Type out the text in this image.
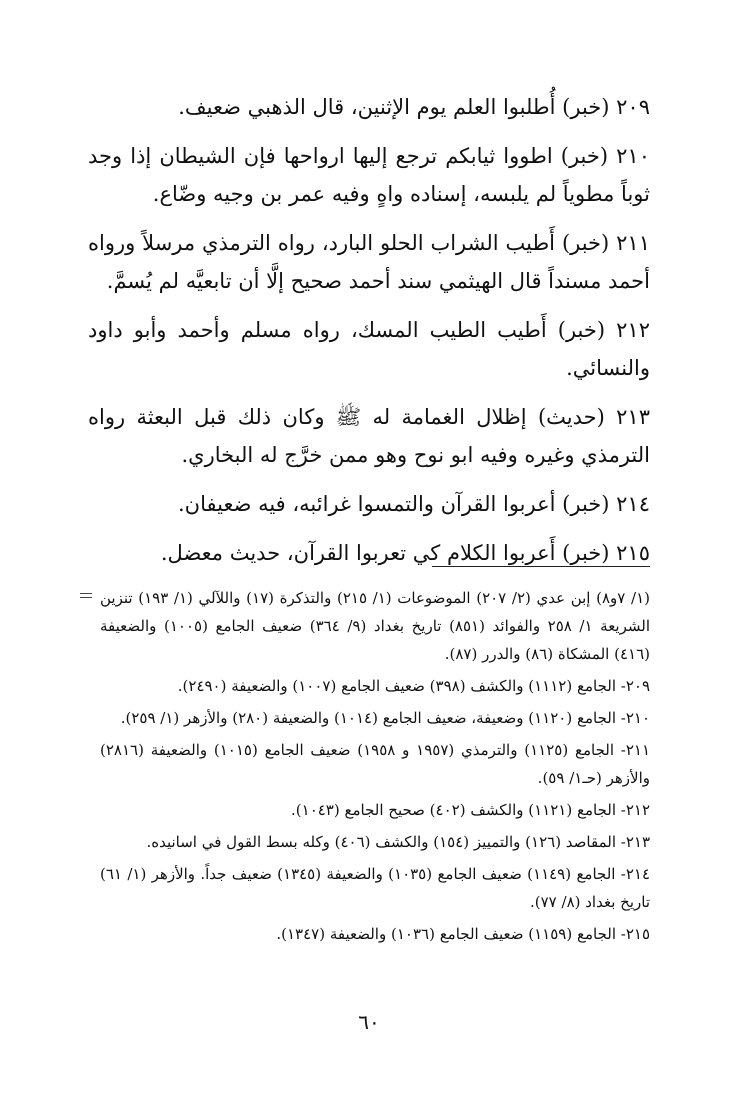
٢٠٩ (خبر) أُطلبوا العلم يوم الإثنين، قال الذهبي ضعيف.

٢١٠ (خبر) اطووا ثيابكم ترجع إليها ارواحها فإن الشيطان إذا وجد ثوباً مطوياً لم يلبسه، إسناده واهٍ وفيه عمر بن وجيه وضّاع.

٢١١ (خبر) أَطيب الشراب الحلو البارد، رواه الترمذي مرسلاً ورواه أحمد مسنداً قال الهيثمي سند أحمد صحيح إلَّا أن تابعيَّه لم يُسمَّ.

٢١٢ (خبر) أَطيب الطيب المسك، رواه مسلم وأحمد وأبو داود والنسائي.

٢١٣ (حديث) إظلال الغمامة له ﷺ وكان ذلك قبل البعثة رواه الترمذي وغيره وفيه ابو نوح وهو ممن خرَّج له البخاري.

٢١٤ (خبر) أعربوا القرآن والتمسوا غرائبه، فيه ضعيفان.

٢١٥ (خبر) أَعربوا الكلام كي تعربوا القرآن، حديث معضل.

(١/ ٧و٨) إبن عدي (٢/ ٢٠٧) الموضوعات (١/ ٢١٥) والتذكرة (١٧) واللآلي (١/ ١٩٣) تنزين الشريعة ١/ ٢٥٨ والفوائد (٨٥١) تاريخ بغداد (٩/ ٣٦٤) ضعيف الجامع (١٠٠٥) والضعيفة (٤١٦) المشكاة (٨٦) والدرر (٨٧).

٢٠٩- الجامع (١١١٢) والكشف (٣٩٨) ضعيف الجامع (١٠٠٧) والضعيفة (٢٤٩٠).

٢١٠- الجامع (١١٢٠) وضعيفة، ضعيف الجامع (١٠١٤) والضعيفة (٢٨٠) والأزهر (١/ ٢٥٩).

٢١١- الجامع (١١٢٥) والترمذي (١٩٥٧ و ١٩٥٨) ضعيف الجامع (١٠١٥) والضعيفة (٢٨١٦) والأزهر (حـ١/ ٥٩).

٢١٢- الجامع (١١٢١) والكشف (٤٠٢) صحيح الجامع (١٠٤٣).

٢١٣- المقاصد (١٢٦) والتمييز (١٥٤) والكشف (٤٠٦) وكله بسط القول في اسانيده.

٢١٤- الجامع (١١٤٩) ضعيف الجامع (١٠٣٥) والضعيفة (١٣٤٥) ضعيف جداً. والأزهر (١/ ٦١) تاريخ بغداد (٨/ ٧٧).

٢١٥- الجامع (١١٥٩) ضعيف الجامع (١٠٣٦) والضعيفة (١٣٤٧).

٦٠
